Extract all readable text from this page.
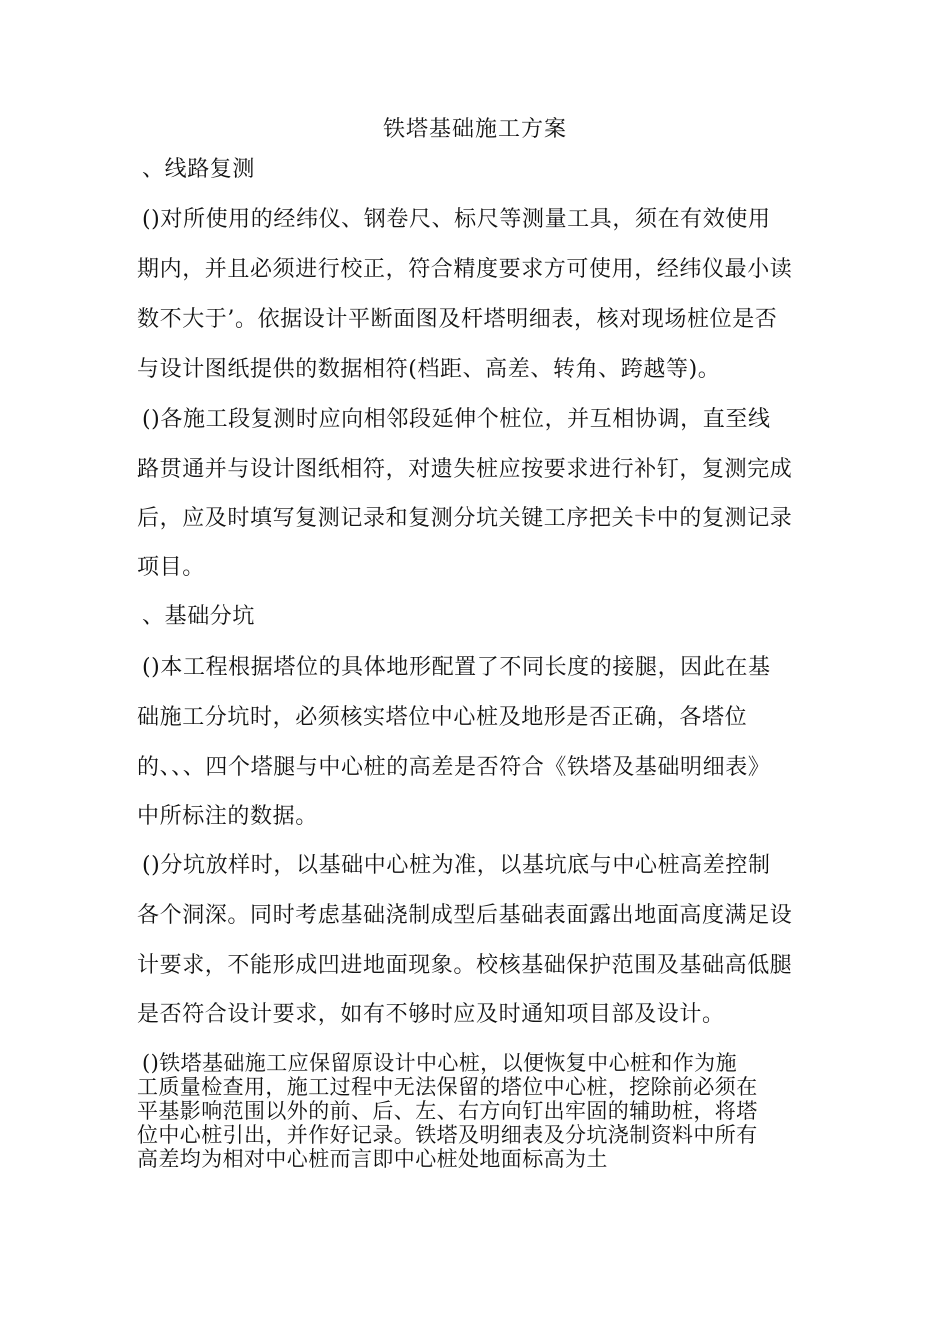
铁塔基础施工方案
、线路复测
()对所使用的经纬仪、钢卷尺、标尺等测量工具，须在有效使用
期内，并且必须进行校正，符合精度要求方可使用，经纬仪最小读
数不大于’。依据设计平断面图及杆塔明细表，核对现场桩位是否
与设计图纸提供的数据相符(档距、高差、转角、跨越等)。
()各施工段复测时应向相邻段延伸个桩位，并互相协调，直至线
路贯通并与设计图纸相符，对遗失桩应按要求进行补钉，复测完成
后，应及时填写复测记录和复测分坑关键工序把关卡中的复测记录
项目。
、基础分坑
()本工程根据塔位的具体地形配置了不同长度的接腿，因此在基
础施工分坑时，必须核实塔位中心桩及地形是否正确，各塔位
的、、、四个塔腿与中心桩的高差是否符合《铁塔及基础明细表》
中所标注的数据。
()分坑放样时，以基础中心桩为准，以基坑底与中心桩高差控制
各个洞深。同时考虑基础浇制成型后基础表面露出地面高度满足设
计要求，不能形成凹进地面现象。校核基础保护范围及基础高低腿
是否符合设计要求，如有不够时应及时通知项目部及设计。
()铁塔基础施工应保留原设计中心桩，以便恢复中心桩和作为施
工质量检查用，施工过程中无法保留的塔位中心桩，挖除前必须在
平基影响范围以外的前、后、左、右方向钉出牢固的辅助桩，将塔
位中心桩引出，并作好记录。铁塔及明细表及分坑浇制资料中所有
高差均为相对中心桩而言即中心桩处地面标高为土
